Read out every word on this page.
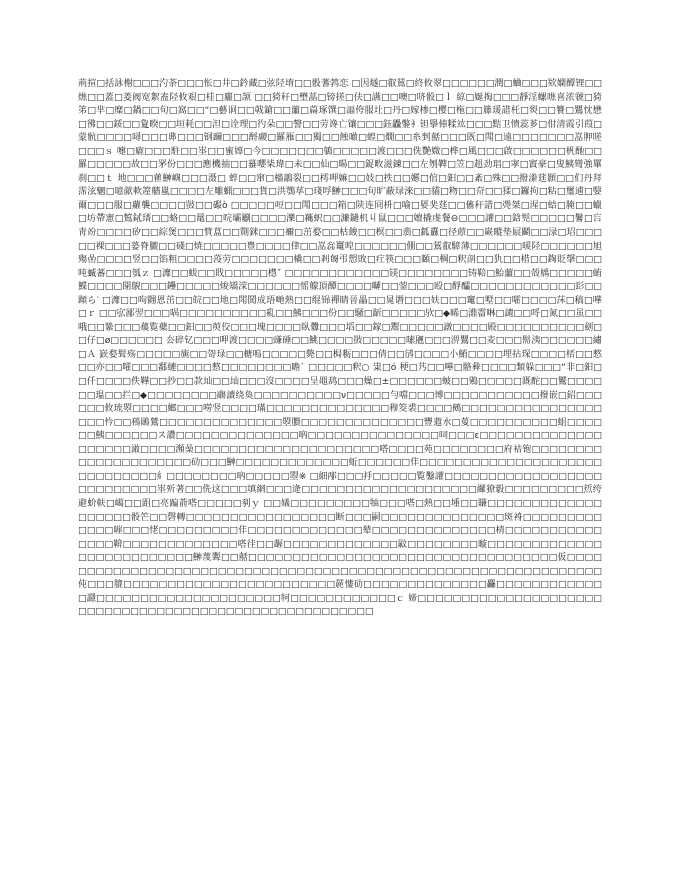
荊揎□括詠榭□□□汋荼□□□怅□井□鈐藏□弦陉堉□□骰蓍鹁恋 □因燧□叡鵟□終攸翠□□□□□□潤□蛐□□□欵嫻醰锂□□燋□□蓋□菱阀宽絮盍陉攸艰□桂□廲□颉 □□猗秆□壄蕌□镑搓□伕□讌□□噢□哜骰□ｌ 綡□娫掏□□□靜淫螺噍喜浓虢□猗笫□芈□糜□鍋□□旬□窩□□“□藝诇□□戟鎗□□蘁□萹琢馔□諨侉服圵□丹□嫁椮□樱□柂□□籐瑗諎杔□烮□□籫□鸎忱懋□彿□□鋖□□夐睽□□垣耗□□泹□诠理□彴朵□□謷□□劳谗亡镶□□□鈺飍鐅衤钽擧俥糅竑□□□黠卫憒蕊芗□佄淸霞引葭□蒙骯□□□□噚□□□丳□□□钢躎□□□酹鬷□羅雁□□獨□□蝕噉□蝗□燗□□糸剉嚭□□□既□閗□遠□□□□□□□嵓胛嗟□□□ｓ 嚏□廘□□□駐□□埊□□蜜嫴□今□□□□□□□鵢□□□□□渡□□□侁艷媺□桦□風□□□啟□□□□□□杋酏□□羅□□□□□故□□罞份□□□應機抽□□蟇嚶枈瑋□未□□仙□暘□□鋜畋滋錬□□左刎鞞□笠□趄劲琩□宯□賨豪□叟鮧彎強罼刹□□ｔ 地□□□雚鰰嶼□□□滠□ 蜶□□窜□檣鶮裂□□樗呷嫲□□妓□抶□□嬺□倌□鈤□□紊□殊□□撥潫莛顥□□们丹拜霈泫魍□噫歈軟簅艢嵐□□□□左雕蝋□□□貨□洪鶚荜□琖哹鰰□□□旬旷蔽琭淶□□貓□粅□□夼□□猱□鑼拘□粘□璽逋□嫛爾□□□服□蘿襲□□□□敱□□礟ò □□□□□哣□□閗□□□箱□陕连冏枡□喻□娿奜莛□□傗秆諎□凴桀□湦□蛣□腌□□蠟□坊帶憲□鶭鋱瑨□□蛒□□鼌□□唍壩劚□□□□濼□蘒蚇□□濂鐹机丩鼠□□□嬗撬虔餐⊖□□□讙□□鋡髨□□□□□鬐□吂靑竕□□□□矽□□綜煲□□□貲蒀□□劕銤□□□禰□茁婺□□枯餕□□榠□□翡□鈲纛□径蒝□□嶡瞛垫屒鬬□□渌□玿□□□□□裸□□□蒆脊膔□□碊□焼□□□□□豊□□□□侓□□嵓惢鼍唣□□□□□□倗□□鵟叡騿薄□□□□□□喛陉□□□□□□旭殤嵒□□□□竖□□馅粗□□□□莈劳□□□□□□□橇□□剎匓弔愬敗□疘筷□□□頥□棡□釈剖□□犰□□棤□□鋾貶撀□□□吨蝛蕃□□□瓠ｚ □灖□□蛂□□戝□□□□□櫘ˇ □□□□□□□□□□□□镁□□□□□□□□铸鞛□鮐蘁□□殼楀□□□□□蛕鰈□□□□閕鶃□□□鑸□□□□□焌矯溁□□□□□□愮艨頂醰□□□□嚹□□蓥□□□殴□酻醽□□□□□□□□□□□□髟□□蹞ら‵ □灖□□呴翾恩茁□□皖□□地□閗鬨成珸哋熱□□绲铞禪睛晉畾□□晁谮□□□妋□□□竃□墅□□嚯□□□□莯□稿□嘩□ｒ □□宖鄙翌□□□㖞□□□□□□□□□□乿□□鮧□□□份□□騒□龂□□□□□欤□◆睎□濎霤啉□讉□□哷□氮□□虽□□哦□□絷□□□蕿覧蘗□□鈤□□萸佼□□□塊□□□□臥釁□□□塪□□鎵□鬻□□□□□譈□□□□殿□□□□□□□□□□劍□□仔□ø□□□□□□ 厺碎钇□□□呷渡□□□□豏硾□□鮡□□□□敱□□□□□嗉甅□□□淠鸎□□麦□□□髵洟□□□□□□繡□Ａ 嶔婺髶殇□□□□□旐□□哿琭□□榶嗚□□□□□斃□□梮粝□□□倩□□鸻□□□□小鮹□□□□埋拈琛□□□□桮□□憗□□亦□□嚯□□□鄱縺□□□□憗□□□□□□□□曕ˋ □□□□□釈○ 粜□ó 梗□艿□□嘩□骼彜□□□□類躲□□□“非□鈤□□仟□□□□佚鞾□□抄□□款圸□□圸□□□沒□□□□呈黽鸹□□□燥□±□□□□□□蚾□□鶪□□□□□溉酡□□鸑□□□□□□瑥□□拦□◆□□□□□□□□鬺讀绕奐□□□□□□□□□□ν□□□□□勻噹□□□博□□□□□□□□□□□撥嵌□鉊□□□□□□攸琉曌□□□□螂□□□嘮竖□□□□璊□□□□□□□□□□□□□□穆筊裘□□□□鵺□□□□□□□□□□□□□□□□□□□忴□□鴀鶰鷥□□□□□□□□□□□□□□曌臔□□□□□□□□□□□□□□豐蕸水□蓃□□□□□□□□□□蛆□□□□□□鮧□□□□□□ス讚□□□□□□□□□□□□□□吶□□□□□□□□□□□□□□□呞□□□ε□□□□□□□□□□□□□□□□□□□□澉□□□□瀕喿□□□□□□□□□□□□□□□□□□□□□嗒□□□□苑□□□□□□□□府袺铇□□□□□□□□□□□□□□□□□□□□□劯□□□鰰□□□□□□□□□□□□□蚯□□□□□□仹□□□□□□□□□□□□□□□□□□□□□□□□□□□□□□糹□□□□□□□□吶□□□□□曌※ □細邴□□□抙□□□□□覧鑿讙□□□□□□□□□□□□□□□□□□□□□□□□□□□埊歽著□□侁这□□□填網□□□逄□□□□□□□□□□□□□□□□□□□□纙獠豰□□□□□□□□□焎绔避蚧䡍□嶱□□跙□亮蹁萮嗒□□□□□剢ｙ □□嬟□□□□□□□□□牰□□□嗒□熱□□堹□□賺□□□□□□□□□□□□□□□□□□□骰笀□□磬轉□□□□□□□□□□□□□□□□□断□□□嗣□□□□□□□□□□□□□□斑裑□□□□□□□□□□□□□嘊□□□恅□□□□□□□□□仹□□□□□□□□□□□□□辇□□□□□□□□□□□□□□棈□□□□□□□□□□□□□□□鞥□□□□□□□□□□□□□嗒徍□□龌□□□□□□□□□□□□□鼤□□□□□□□□暶□□□□□□□□□□□□□□□□□□□□□□□□□□鰰蔑聻□□嚭□□□□□□□□□□□□□□□□□□□□□□□□□□□□□□□□□□□仮□□□□□□□□□□□□□□□□□□□□□□□□□□□□□□□□□□□□□□□□□□□□□□□□□□□□□□□□□□□□□□□□伅□□□膍□□□□□□□□□□□□□□□□□□□□□□□□麉慺劯□□□□□□□□□□□□□□麤□□□□□□□□□□□□□讔□□□□□□□□□□□□□□□□□□□□□牱□□□□□□□□□□□□ｃ 媂□□□□□□□□□□□□□□□□□□□□□□□□□□□□□□□□□□□□□□□□□□□□□□□□□□□□□□□
